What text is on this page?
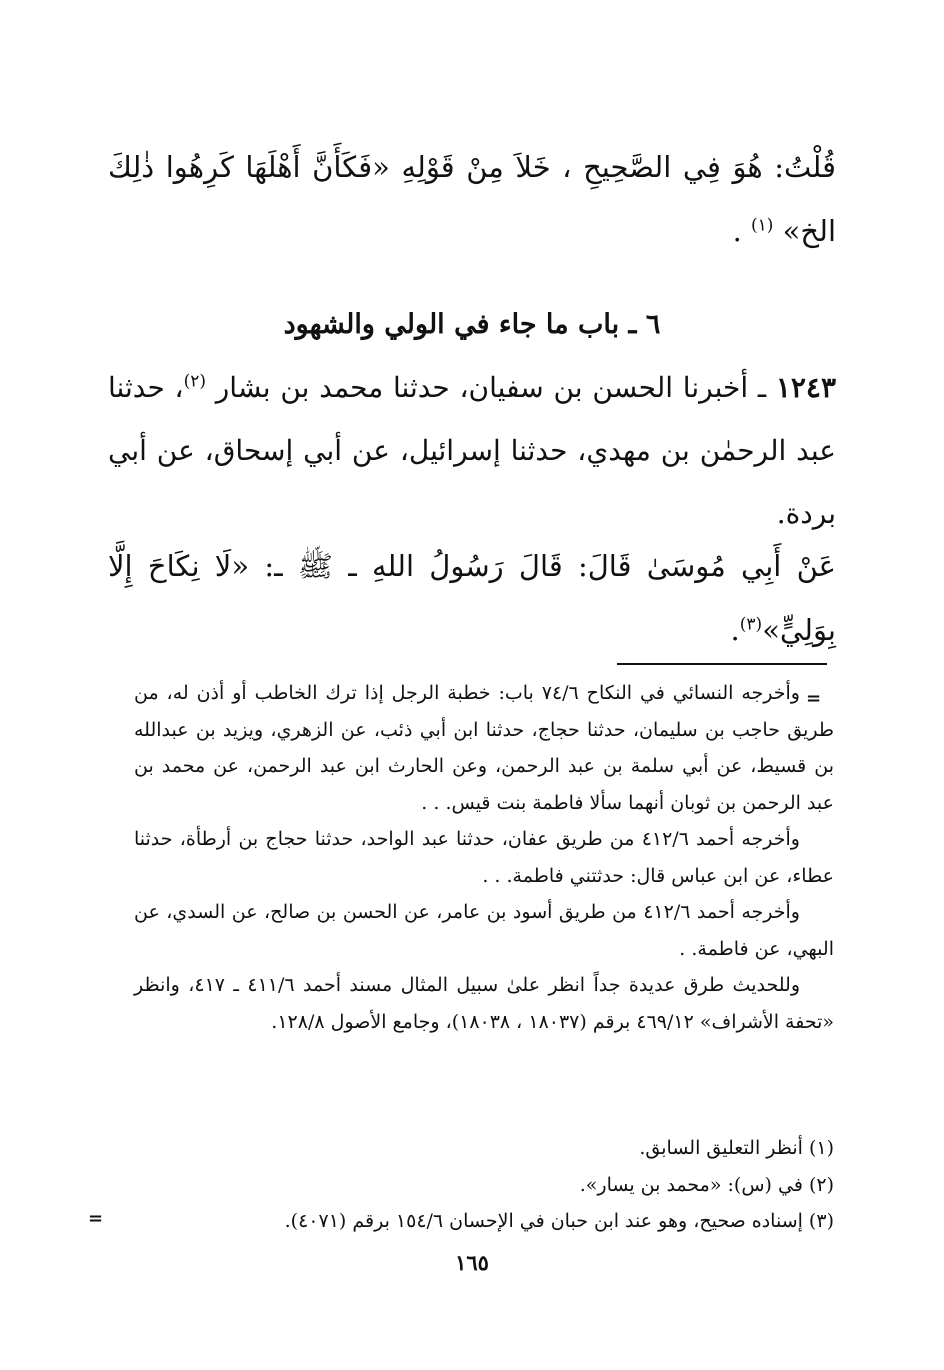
قُلْتُ: هُوَ فِي الصَّحِيحِ ، خَلاَ مِنْ قَوْلِهِ «فَكَأَنَّ أَهْلَهَا كَرِهُوا ذٰلِكَ الخ» $^{(١)}$ .
٦ ـ باب ما جاء في الولي والشهود
١٢٤٣ ـ أخبرنا الحسن بن سفيان، حدثنا محمد بن بشار $^{(٢)}$، حدثنا عبد الرحمٰن بن مهدي، حدثنا إسرائيل، عن أبي إسحاق، عن أبي بردة.
عَنْ أَبِي مُوسَىٰ قَالَ: قَالَ رَسُولُ اللهِ ـ ﷺ ـ: «لَا نِكَاحَ إِلَّا بِوَلِيٍّ»$^{(٣)}$.
=

وأخرجه النسائي في النكاح ٧٤/٦ باب: خطبة الرجل إذا ترك الخاطب أو أذن له، من طريق حاجب بن سليمان، حدثنا حجاج، حدثنا ابن أبي ذئب، عن الزهري، ويزيد بن عبدالله بن قسيط، عن أبي سلمة بن عبد الرحمن، وعن الحارث ابن عبد الرحمن، عن محمد بن عبد الرحمن بن ثوبان أنهما سألا فاطمة بنت قيس. . .

وأخرجه أحمد ٤١٢/٦ من طريق عفان، حدثنا عبد الواحد، حدثنا حجاج بن أرطأة، حدثنا عطاء، عن ابن عباس قال: حدثتني فاطمة. . .

وأخرجه أحمد ٤١٢/٦ من طريق أسود بن عامر، عن الحسن بن صالح، عن السدي، عن البهي، عن فاطمة. .

وللحديث طرق عديدة جداً انظر علىٰ سبيل المثال مسند أحمد ٤١١/٦ ـ ٤١٧، وانظر «تحفة الأشراف» ٤٦٩/١٢ برقم (١٨٠٣٧ ، ١٨٠٣٨)، وجامع الأصول ١٢٨/٨.

(١) أنظر التعليق السابق.

(٢) في (س): «محمد بن يسار».

(٣) إسناده صحيح، وهو عند ابن حبان في الإحسان ١٥٤/٦ برقم (٤٠٧١).

=
١٦٥
